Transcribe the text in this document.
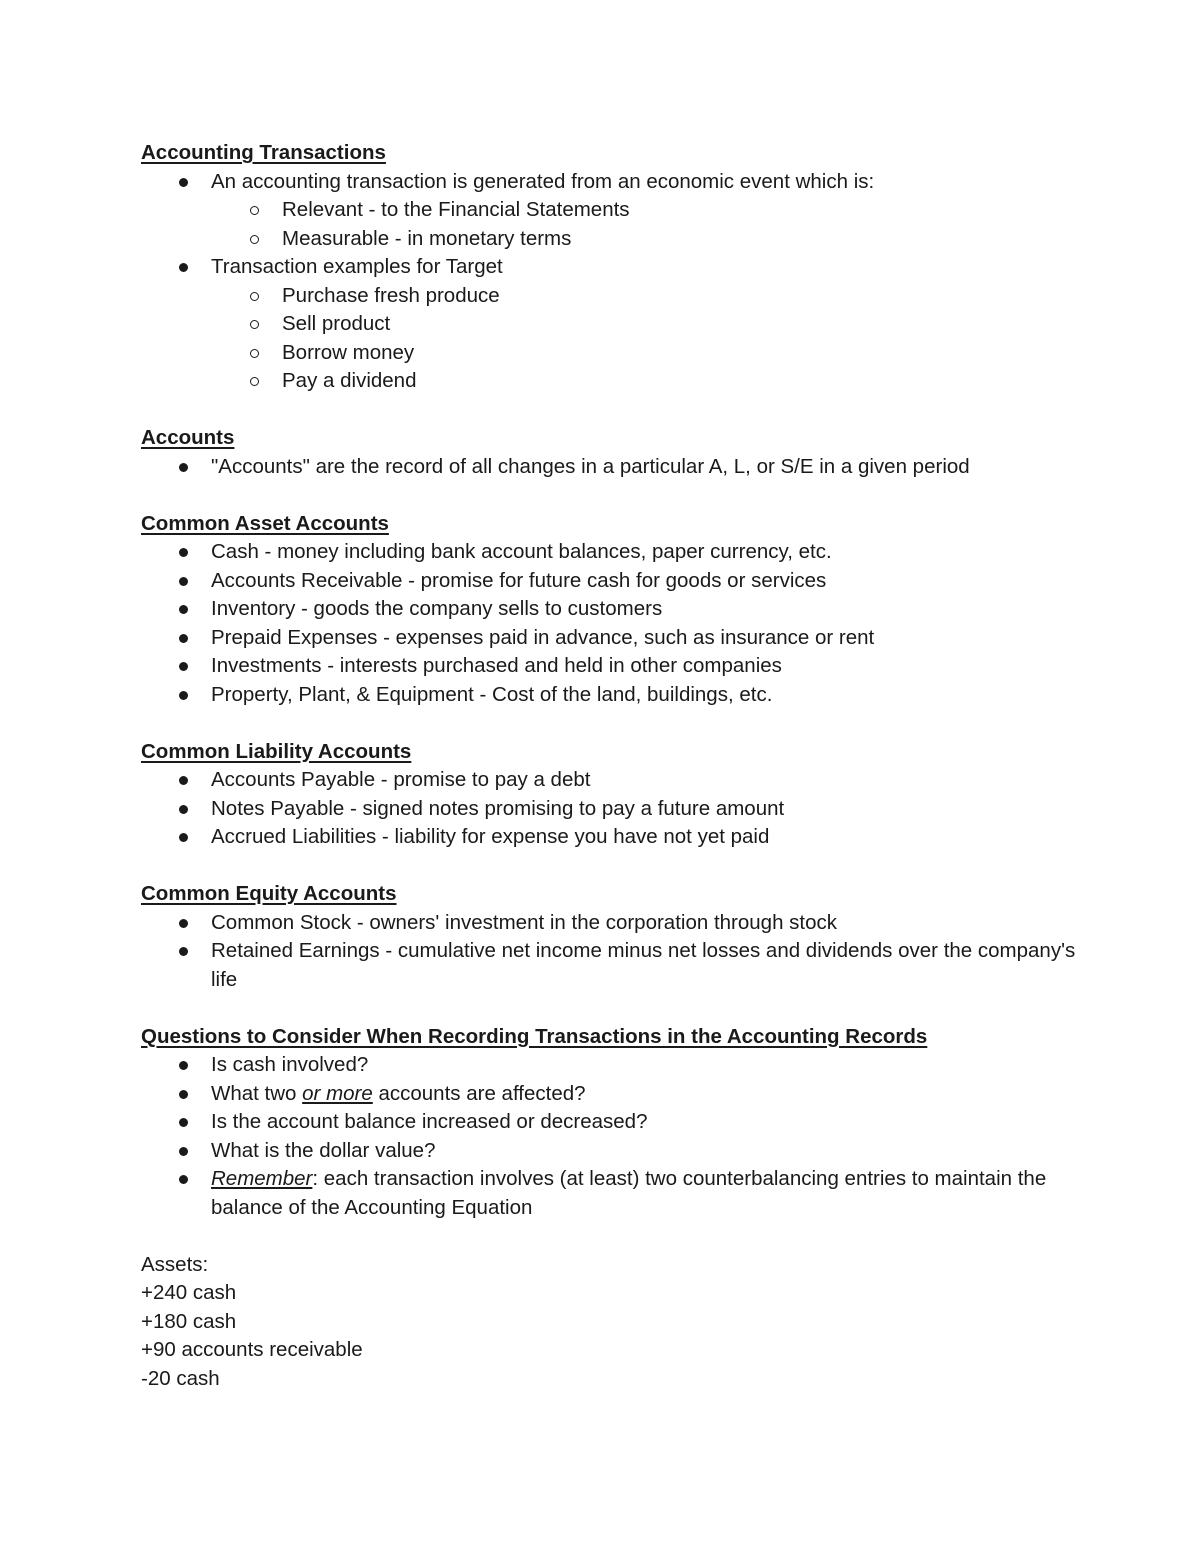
Accounting Transactions
An accounting transaction is generated from an economic event which is:
Relevant - to the Financial Statements
Measurable - in monetary terms
Transaction examples for Target
Purchase fresh produce
Sell product
Borrow money
Pay a dividend
Accounts
"Accounts" are the record of all changes in a particular A, L, or S/E in a given period
Common Asset Accounts
Cash - money including bank account balances, paper currency, etc.
Accounts Receivable - promise for future cash for goods or services
Inventory - goods the company sells to customers
Prepaid Expenses - expenses paid in advance, such as insurance or rent
Investments - interests purchased and held in other companies
Property, Plant, & Equipment - Cost of the land, buildings, etc.
Common Liability Accounts
Accounts Payable - promise to pay a debt
Notes Payable - signed notes promising to pay a future amount
Accrued Liabilities - liability for expense you have not yet paid
Common Equity Accounts
Common Stock - owners' investment in the corporation through stock
Retained Earnings - cumulative net income minus net losses and dividends over the company's life
Questions to Consider When Recording Transactions in the Accounting Records
Is cash involved?
What two or more accounts are affected?
Is the account balance increased or decreased?
What is the dollar value?
Remember: each transaction involves (at least) two counterbalancing entries to maintain the balance of the Accounting Equation
Assets:
+240 cash
+180 cash
+90 accounts receivable
-20 cash
